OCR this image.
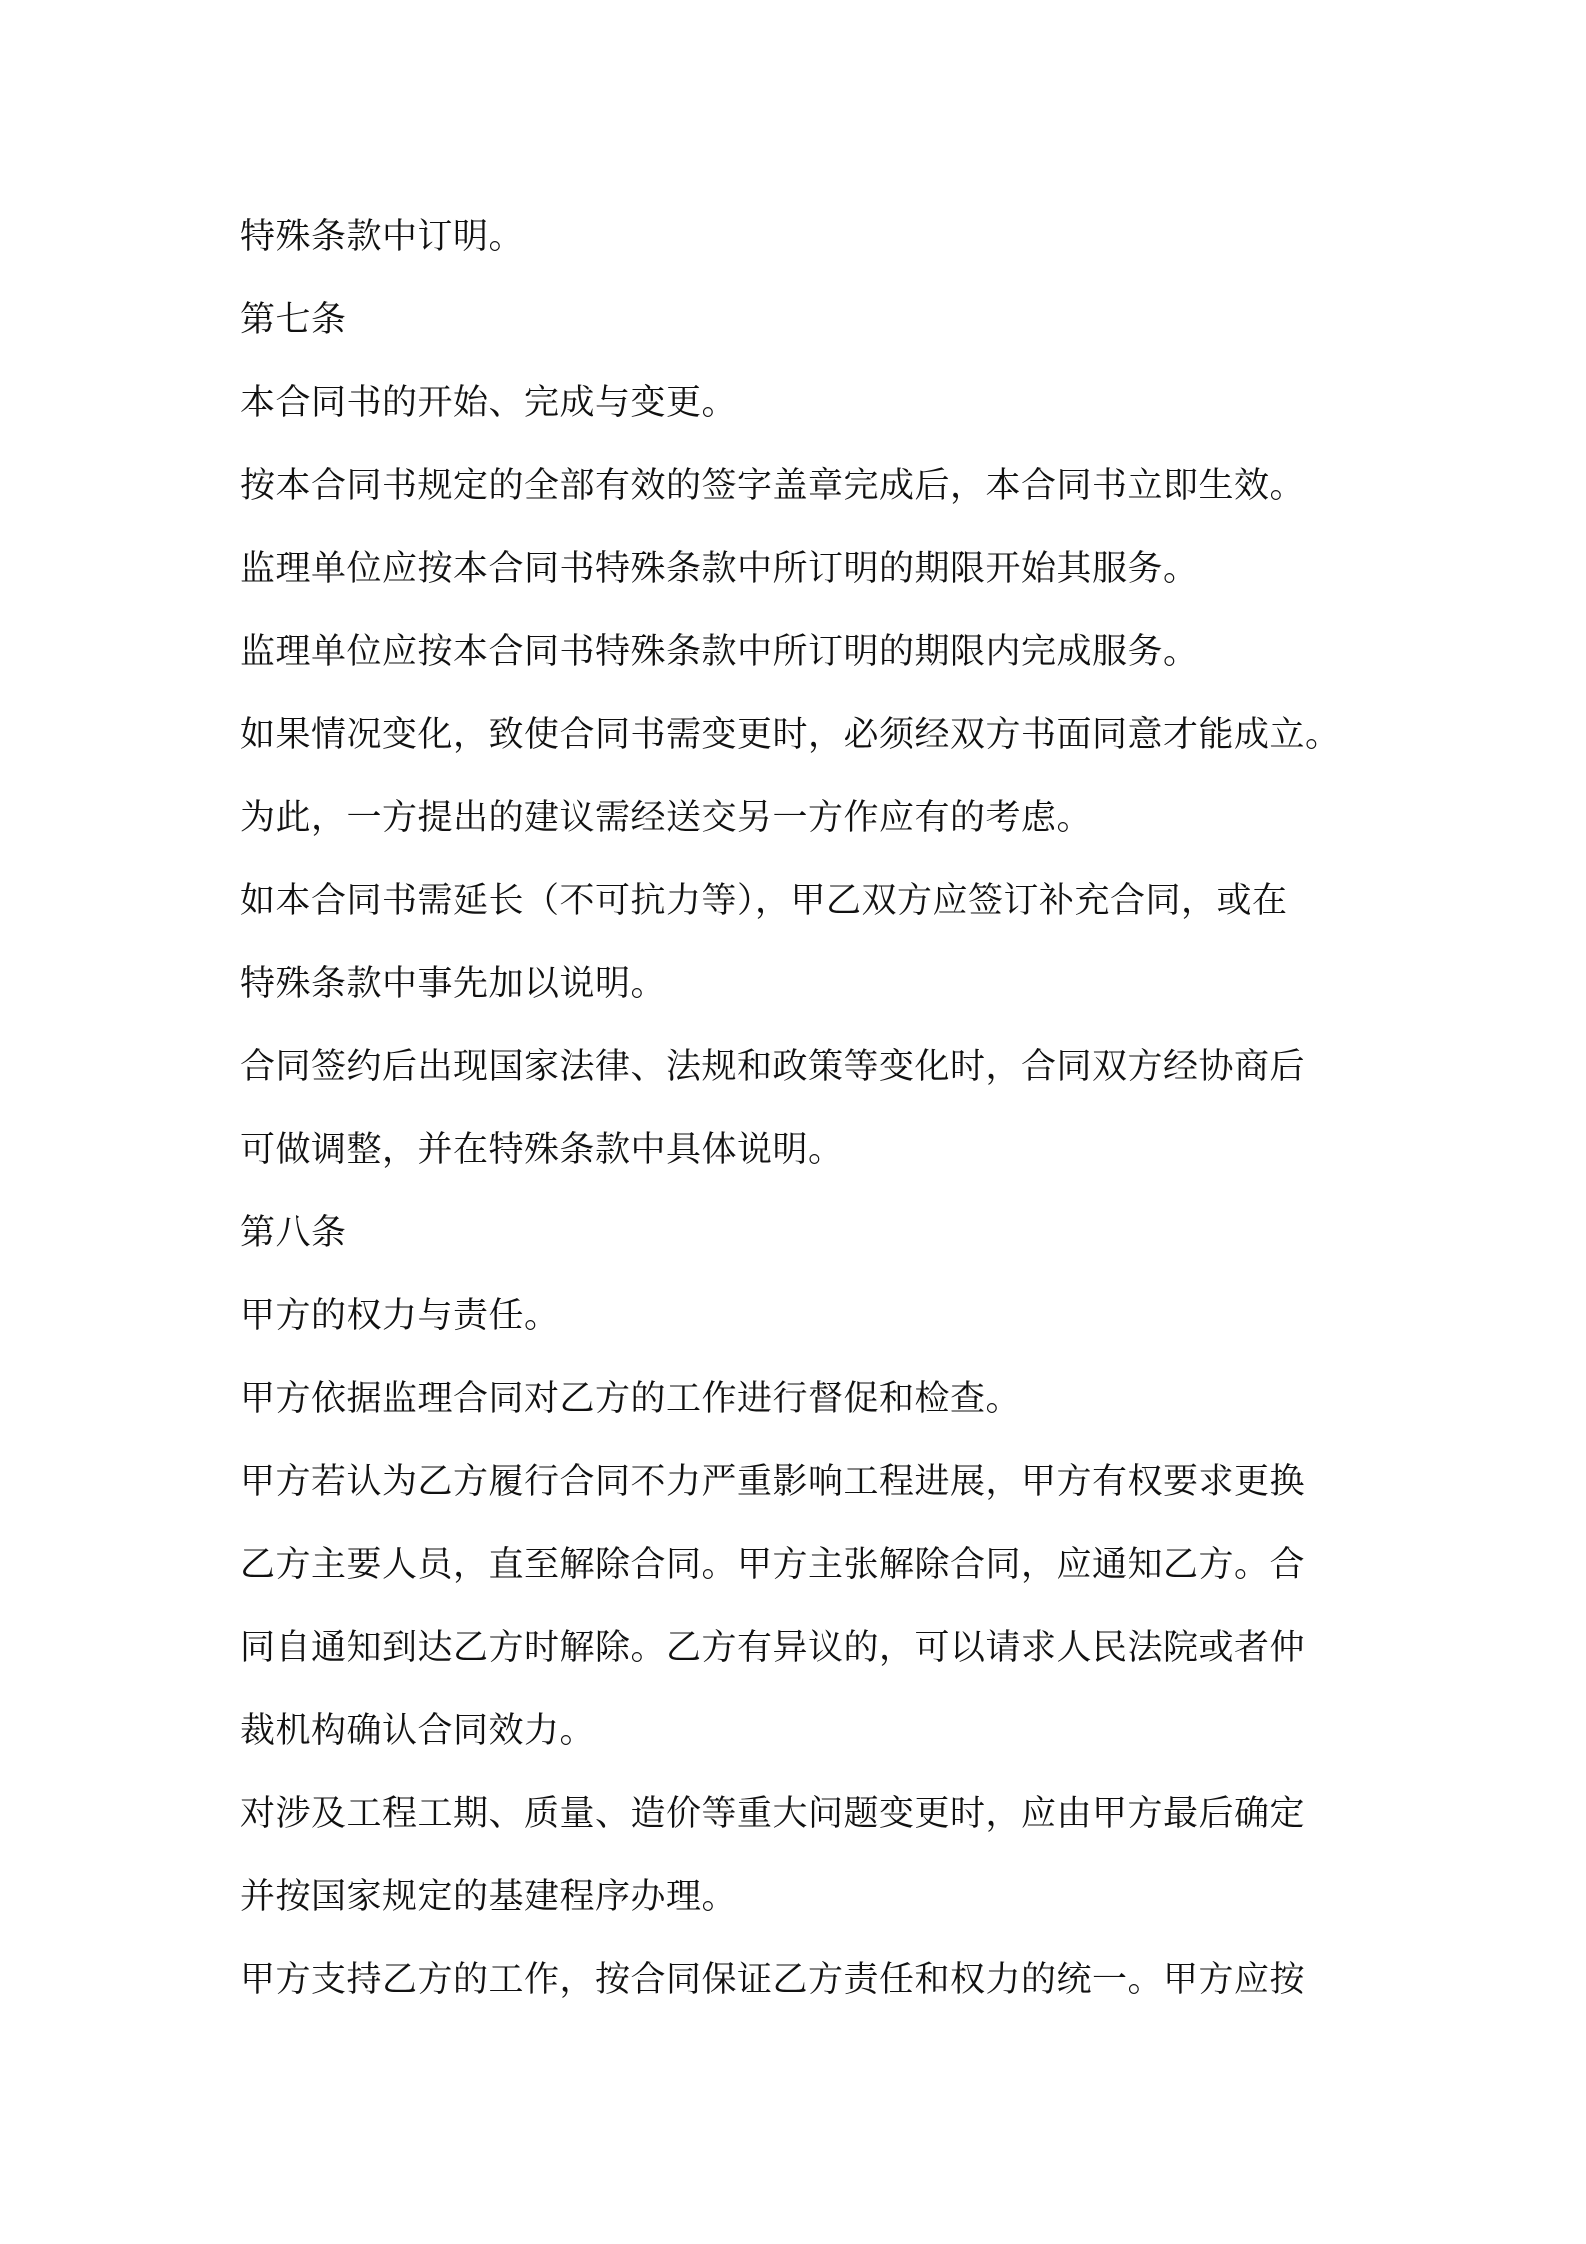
特殊条款中订明。
第七条
本合同书的开始、完成与变更。
按本合同书规定的全部有效的签字盖章完成后，本合同书立即生效。
监理单位应按本合同书特殊条款中所订明的期限开始其服务。
监理单位应按本合同书特殊条款中所订明的期限内完成服务。
如果情况变化，致使合同书需变更时，必须经双方书面同意才能成立。
为此，一方提出的建议需经送交另一方作应有的考虑。
如本合同书需延长（不可抗力等），甲乙双方应签订补充合同，或在
特殊条款中事先加以说明。
合同签约后出现国家法律、法规和政策等变化时，合同双方经协商后
可做调整，并在特殊条款中具体说明。
第八条
甲方的权力与责任。
甲方依据监理合同对乙方的工作进行督促和检查。
甲方若认为乙方履行合同不力严重影响工程进展，甲方有权要求更换
乙方主要人员，直至解除合同。甲方主张解除合同，应通知乙方。合
同自通知到达乙方时解除。乙方有异议的，可以请求人民法院或者仲
裁机构确认合同效力。
对涉及工程工期、质量、造价等重大问题变更时，应由甲方最后确定
并按国家规定的基建程序办理。
甲方支持乙方的工作，按合同保证乙方责任和权力的统一。甲方应按
